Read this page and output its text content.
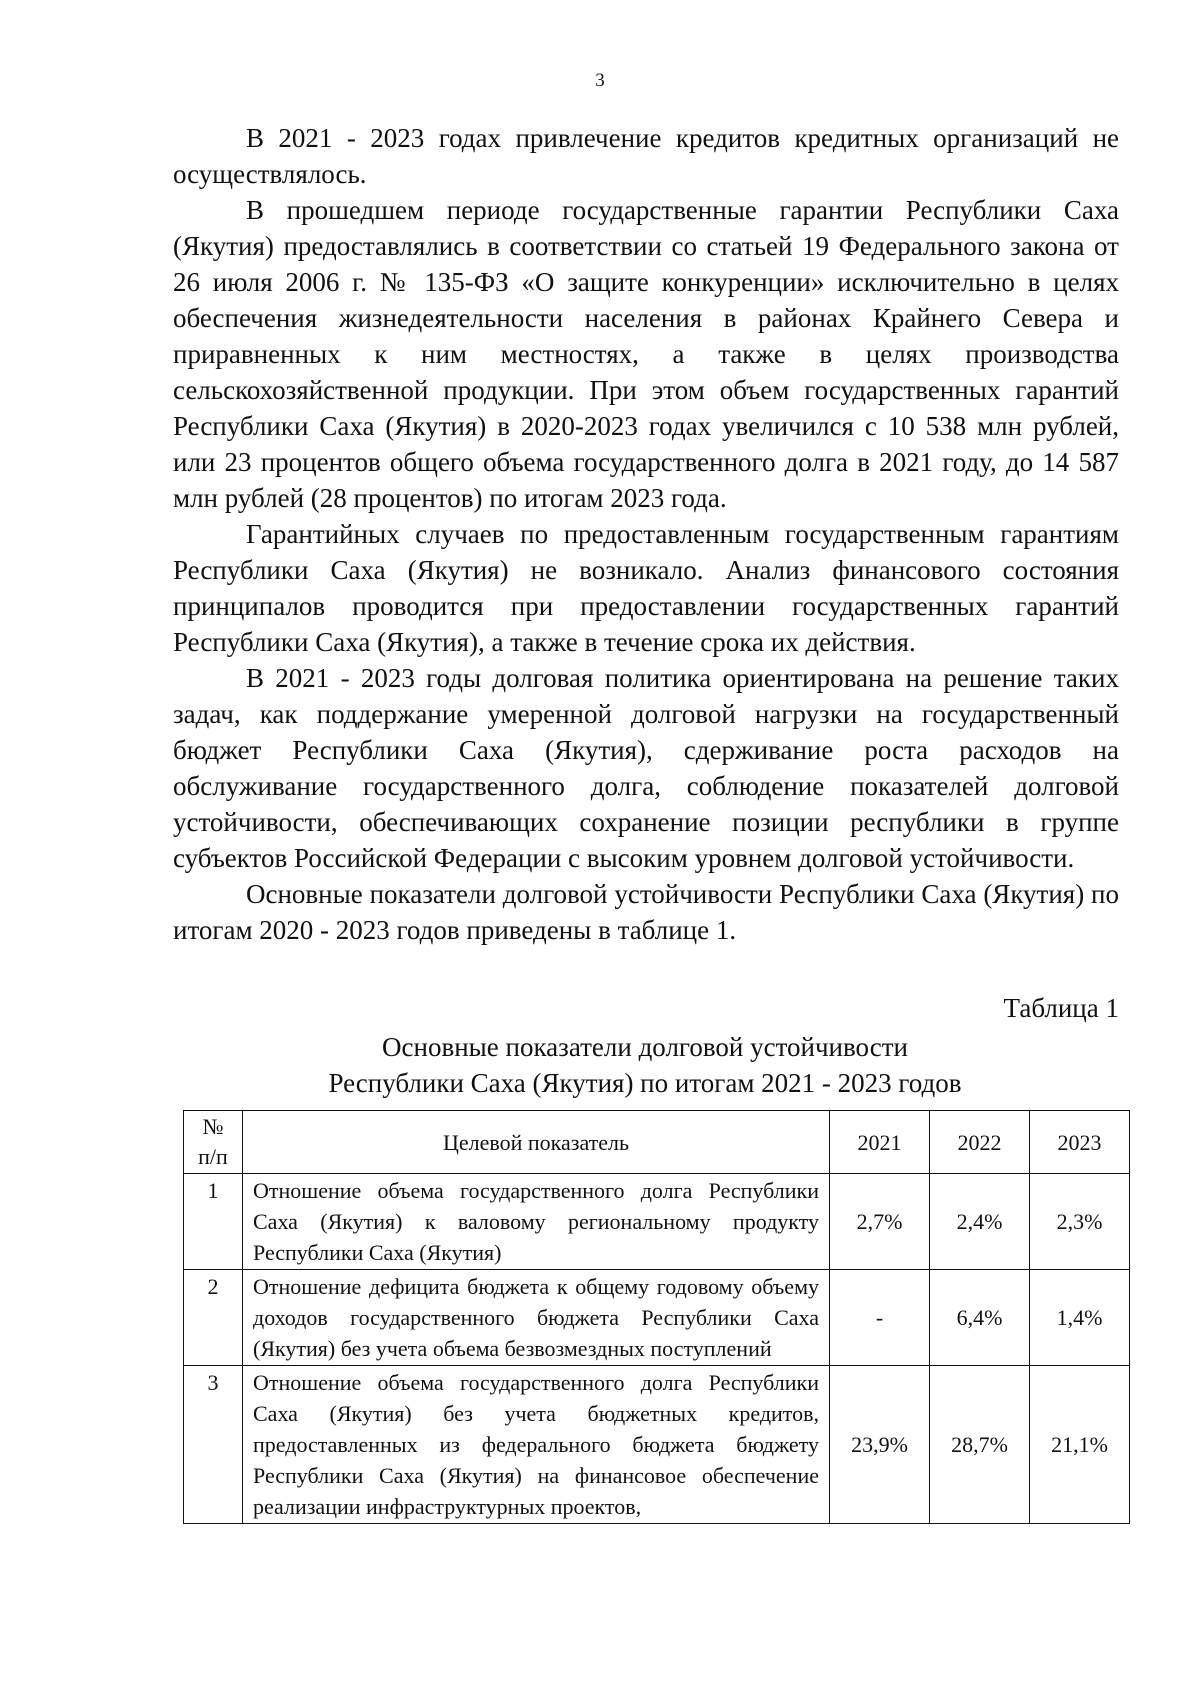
3

В 2021 - 2023 годах привлечение кредитов кредитных организаций не осуществлялось.

В прошедшем периоде государственные гарантии Республики Саха (Якутия) предоставлялись в соответствии со статьей 19 Федерального закона от 26 июля 2006 г. № 135-ФЗ «О защите конкуренции» исключительно в целях обеспечения жизнедеятельности населения в районах Крайнего Севера и приравненных к ним местностях, а также в целях производства сельскохозяйственной продукции. При этом объем государственных гарантий Республики Саха (Якутия) в 2020-2023 годах увеличился с 10 538 млн рублей, или 23 процентов общего объема государственного долга в 2021 году, до 14 587 млн рублей (28 процентов) по итогам 2023 года.

Гарантийных случаев по предоставленным государственным гарантиям Республики Саха (Якутия) не возникало. Анализ финансового состояния принципалов проводится при предоставлении государственных гарантий Республики Саха (Якутия), а также в течение срока их действия.

В 2021 - 2023 годы долговая политика ориентирована на решение таких задач, как поддержание умеренной долговой нагрузки на государственный бюджет Республики Саха (Якутия), сдерживание роста расходов на обслуживание государственного долга, соблюдение показателей долговой устойчивости, обеспечивающих сохранение позиции республики в группе субъектов Российской Федерации с высоким уровнем долговой устойчивости.

Основные показатели долговой устойчивости Республики Саха (Якутия) по итогам 2020 - 2023 годов приведены в таблице 1.

Таблица 1
Основные показатели долговой устойчивости
Республики Саха (Якутия) по итогам 2021 - 2023 годов
№
п/п	Целевой показатель	2021	2022	2023
1	Отношение объема государственного долга Республики Саха (Якутия) к валовому региональному продукту Республики Саха (Якутия)	2,7%	2,4%	2,3%
2	Отношение дефицита бюджета к общему годовому объему доходов государственного бюджета Республики Саха (Якутия) без учета объема безвозмездных поступлений	-	6,4%	1,4%
3	Отношение объема государственного долга Республики Саха (Якутия) без учета бюджетных кредитов, предоставленных из федерального бюджета бюджету Республики Саха (Якутия) на финансовое обеспечение реализации инфраструктурных проектов,	23,9%	28,7%	21,1%
